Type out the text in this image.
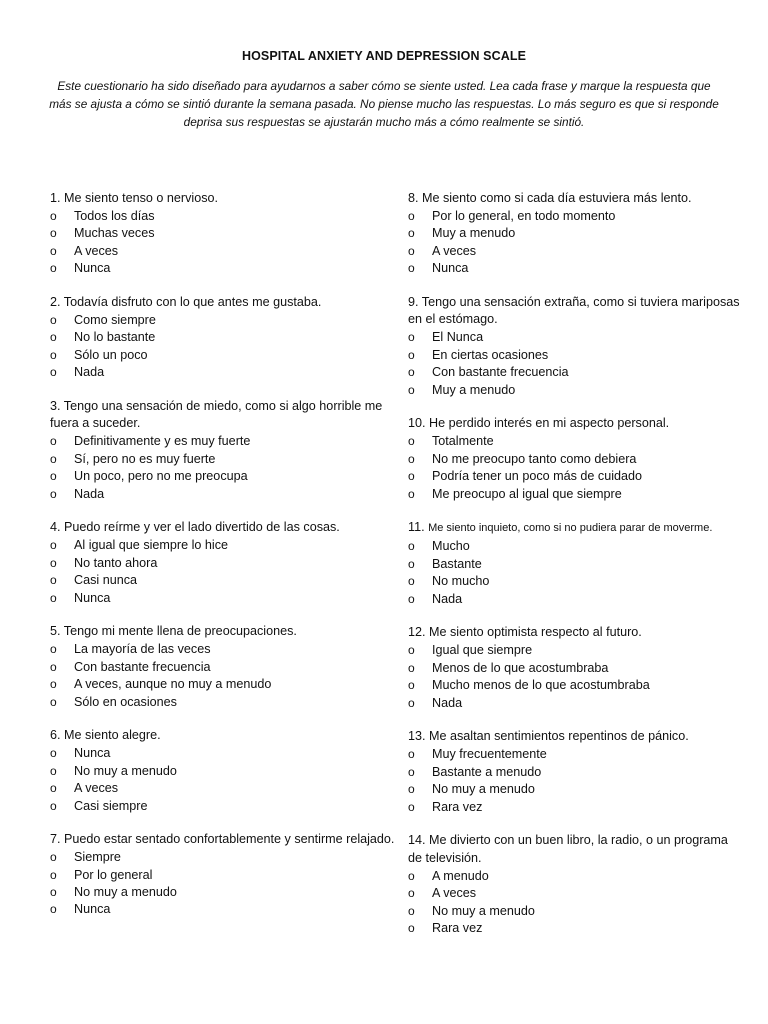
HOSPITAL ANXIETY AND DEPRESSION SCALE
Este cuestionario ha sido diseñado para ayudarnos a saber cómo se siente usted. Lea cada frase y marque la respuesta que más se ajusta a cómo se sintió durante la semana pasada. No piense mucho las respuestas. Lo más seguro es que si responde deprisa sus respuestas se ajustarán mucho más a cómo realmente se sintió.
1. Me siento tenso o nervioso.
o	Todos los días
o	Muchas veces
o	A veces
o	Nunca
2. Todavía disfruto con lo que antes me gustaba.
o	Como siempre
o	No lo bastante
o	Sólo un poco
o	Nada
3. Tengo una sensación de miedo, como si algo horrible me fuera a suceder.
o	Definitivamente y es muy fuerte
o	Sí, pero no es muy fuerte
o	Un poco, pero no me preocupa
o	Nada
4. Puedo reírme y ver el lado divertido de las cosas.
o	Al igual que siempre lo hice
o	No tanto ahora
o	Casi nunca
o	Nunca
5. Tengo mi mente llena de preocupaciones.
o	La mayoría de las veces
o	Con bastante frecuencia
o	A veces, aunque no muy a menudo
o	Sólo en ocasiones
6. Me siento alegre.
o	Nunca
o	No muy a menudo
o	A veces
o	Casi siempre
7. Puedo estar sentado confortablemente y sentirme relajado.
o	Siempre
o	Por lo general
o	No muy a menudo
o	Nunca
8. Me siento como si cada día estuviera más lento.
o	Por lo general, en todo momento
o	Muy a menudo
o	A veces
o	Nunca
9. Tengo una sensación extraña, como si tuviera mariposas en el estómago.
o	El Nunca
o	En ciertas ocasiones
o	Con bastante frecuencia
o	Muy a menudo
10. He perdido interés en mi aspecto personal.
o	Totalmente
o	No me preocupo tanto como debiera
o	Podría tener un poco más de cuidado
o	Me preocupo al igual que siempre
11. Me siento inquieto, como si no pudiera parar de moverme.
o	Mucho
o	Bastante
o	No mucho
o	Nada
12. Me siento optimista respecto al futuro.
o	Igual que siempre
o	Menos de lo que acostumbraba
o	Mucho menos de lo que acostumbraba
o	Nada
13. Me asaltan sentimientos repentinos de pánico.
o	Muy frecuentemente
o	Bastante a menudo
o	No muy a menudo
o	Rara vez
14. Me divierto con un buen libro, la radio, o un programa de televisión.
o	A menudo
o	A veces
o	No muy a menudo
o	Rara vez
